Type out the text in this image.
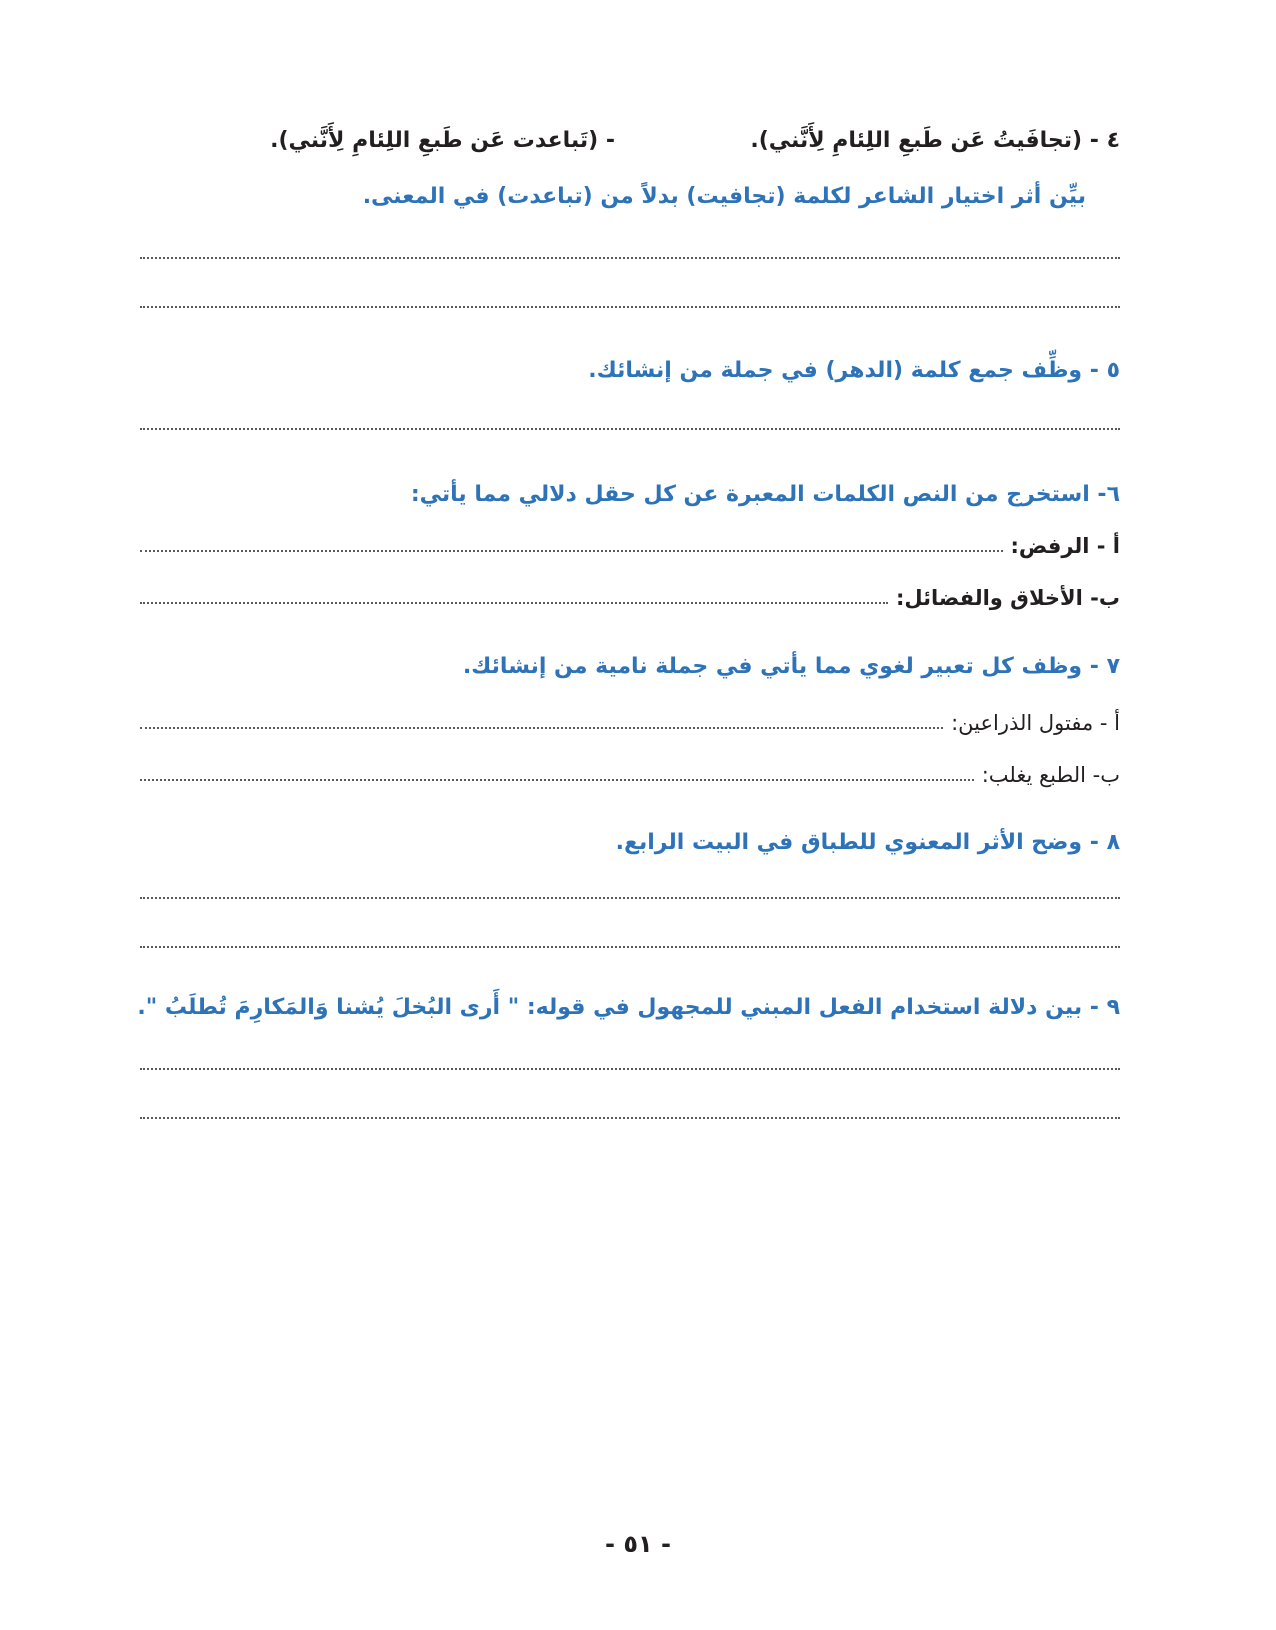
٤ - (تجافَيتُ عَن طَبعِ اللِئامِ لِأَنَّني).  - (تَباعدت عَن طَبعِ اللِئامِ لِأَنَّني).
بيِّن أثر اختيار الشاعر لكلمة (تجافيت) بدلاً من (تباعدت) في المعنى.
٥ - وظِّف جمع كلمة (الدهر) في جملة من إنشائك.
٦- استخرج من النص الكلمات المعبرة عن كل حقل دلالي مما يأتي:
أ - الرفض:
ب- الأخلاق والفضائل:
٧ - وظف كل تعبير لغوي مما يأتي في جملة نامية من إنشائك.
أ - مفتول الذراعين:
ب- الطبع يغلب:
٨ - وضح الأثر المعنوي للطباق في البيت الرابع.
٩ - بين دلالة استخدام الفعل المبني للمجهول في قوله: " أَرى البُخلَ يُشنا وَالمَكارِمَ تُطلَبُ ".
- ٥١ -
